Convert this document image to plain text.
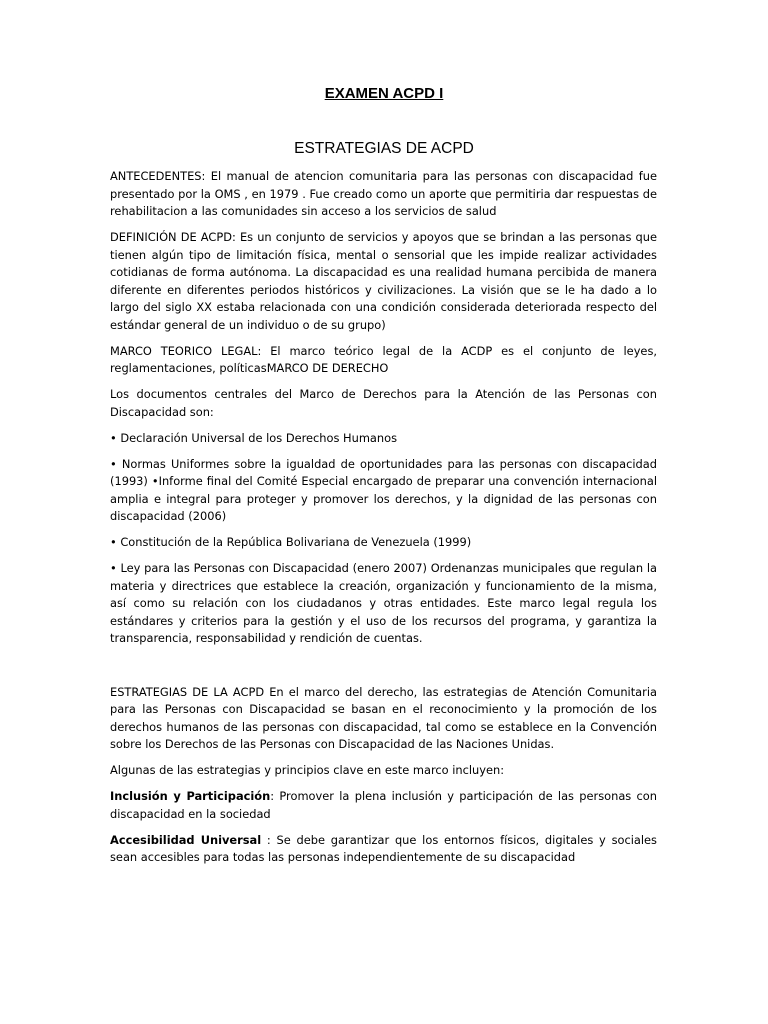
EXAMEN ACPD I
ESTRATEGIAS DE ACPD

ANTECEDENTES: El manual de atencion comunitaria para las personas con discapacidad fue presentado por la OMS , en 1979 . Fue creado como un aporte que permitiria dar respuestas de rehabilitacion a las comunidades sin acceso a los servicios de salud

DEFINICIÓN DE ACPD: Es un conjunto de servicios y apoyos que se brindan a las personas que tienen algún tipo de limitación física, mental o sensorial que les impide realizar actividades cotidianas de forma autónoma. La discapacidad es una realidad humana percibida de manera diferente en diferentes periodos históricos y civilizaciones. La visión que se le ha dado a lo largo del siglo XX estaba relacionada con una condición considerada deteriorada respecto del estándar general de un individuo o de su grupo)

MARCO TEORICO LEGAL: El marco teórico legal de la ACDP es el conjunto de leyes, reglamentaciones, políticasMARCO DE DERECHO

Los documentos centrales del Marco de Derechos para la Atención de las Personas con Discapacidad son:

• Declaración Universal de los Derechos Humanos

• Normas Uniformes sobre la igualdad de oportunidades para las personas con discapacidad (1993) •Informe final del Comité Especial encargado de preparar una convención internacional amplia e integral para proteger y promover los derechos, y la dignidad de las personas con discapacidad (2006)

• Constitución de la República Bolivariana de Venezuela (1999)

• Ley para las Personas con Discapacidad (enero 2007) Ordenanzas municipales que regulan la materia y directrices que establece la creación, organización y funcionamiento de la misma, así como su relación con los ciudadanos y otras entidades. Este marco legal regula los estándares y criterios para la gestión y el uso de los recursos del programa, y garantiza la transparencia, responsabilidad y rendición de cuentas.

ESTRATEGIAS DE LA ACPD En el marco del derecho, las estrategias de Atención Comunitaria para las Personas con Discapacidad se basan en el reconocimiento y la promoción de los derechos humanos de las personas con discapacidad, tal como se establece en la Convención sobre los Derechos de las Personas con Discapacidad de las Naciones Unidas.

Algunas de las estrategias y principios clave en este marco incluyen:

Inclusión y Participación: Promover la plena inclusión y participación de las personas con discapacidad en la sociedad

Accesibilidad Universal : Se debe garantizar que los entornos físicos, digitales y sociales sean accesibles para todas las personas independientemente de su discapacidad
